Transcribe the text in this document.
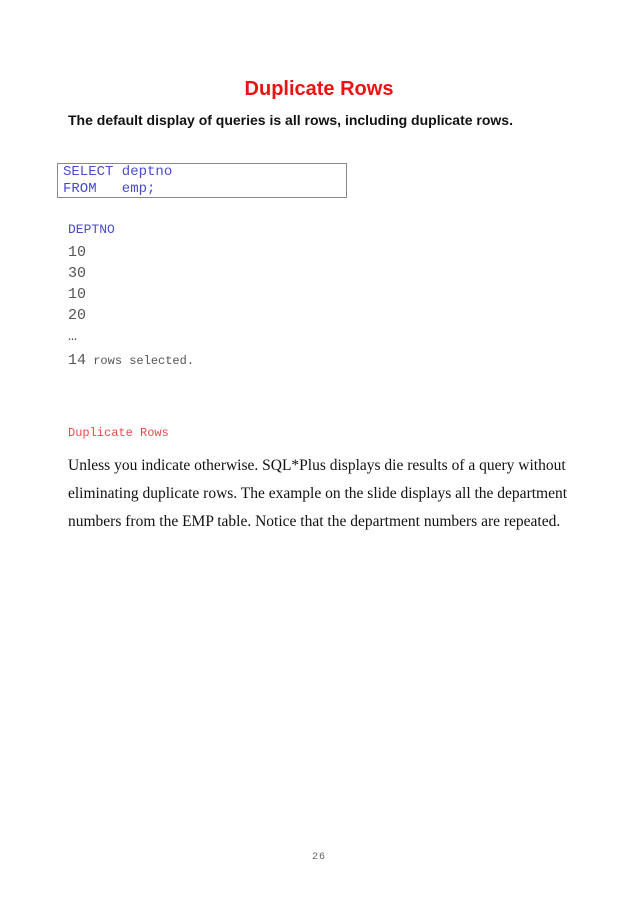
Duplicate Rows
The default display of queries is all rows, including duplicate rows.
SELECT deptno
FROM   emp;
DEPTNO
10
30
10
20
…
14 rows selected.
Duplicate Rows
Unless you indicate otherwise. SQL*Plus displays die results of a query without
eliminating duplicate rows. The example on the slide displays all the department
numbers from the EMP table. Notice that the department numbers are repeated.
26
